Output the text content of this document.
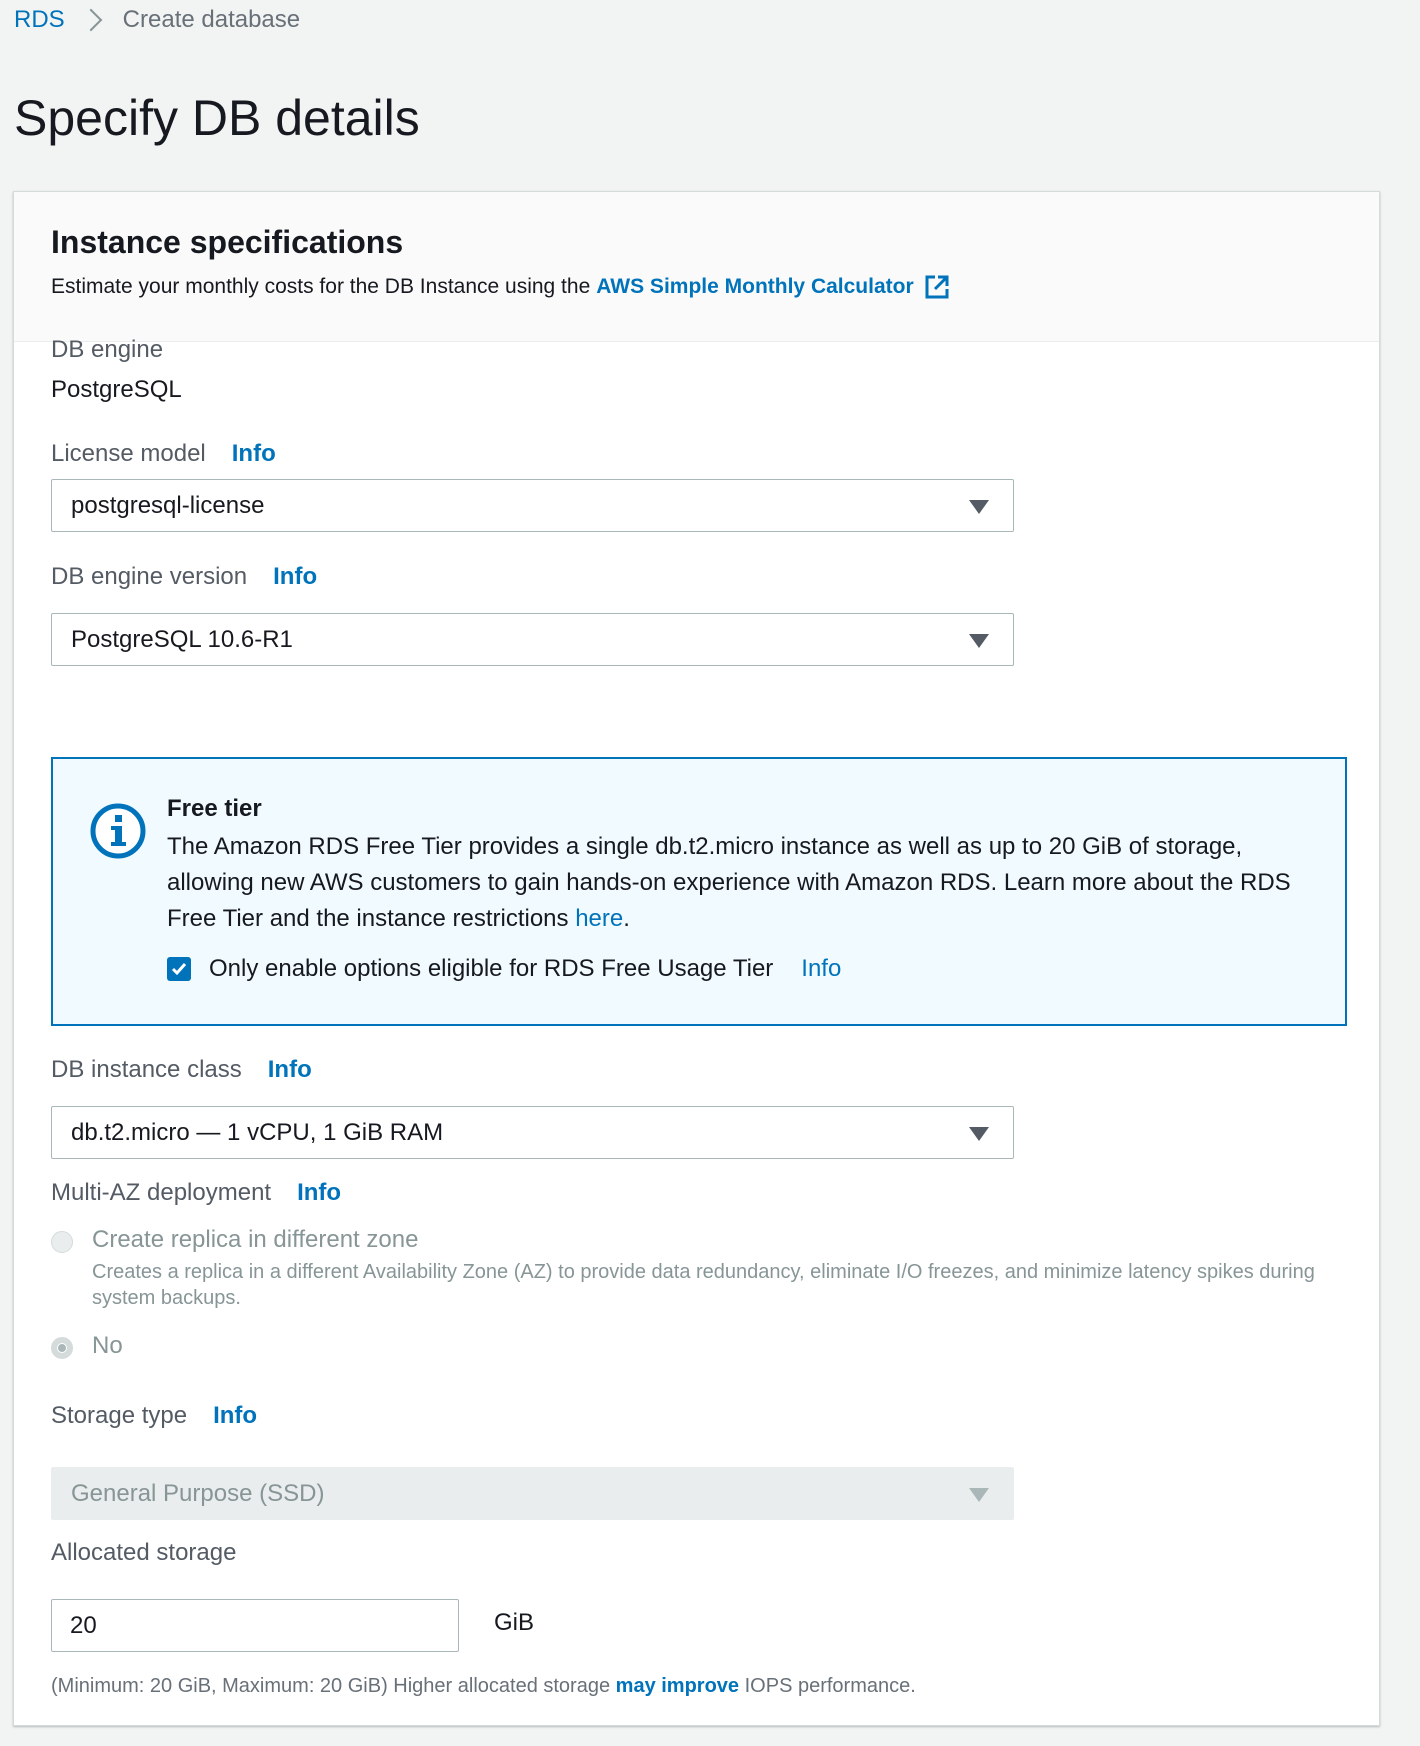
RDS Create database
Specify DB details
Instance specifications
Estimate your monthly costs for the DB Instance using the AWS Simple Monthly Calculator
DB engine
PostgreSQL
License model Info
postgresql-license
DB engine version Info
PostgreSQL 10.6-R1
Free tier
The Amazon RDS Free Tier provides a single db.t2.micro instance as well as up to 20 GiB of storage, allowing new AWS customers to gain hands-on experience with Amazon RDS. Learn more about the RDS Free Tier and the instance restrictions here.
Only enable options eligible for RDS Free Usage Tier Info
DB instance class Info
db.t2.micro — 1 vCPU, 1 GiB RAM
Multi-AZ deployment Info
Create replica in different zone
Creates a replica in a different Availability Zone (AZ) to provide data redundancy, eliminate I/O freezes, and minimize latency spikes during system backups.
No
Storage type Info
General Purpose (SSD)
Allocated storage
20	GiB
(Minimum: 20 GiB, Maximum: 20 GiB) Higher allocated storage may improve IOPS performance.
